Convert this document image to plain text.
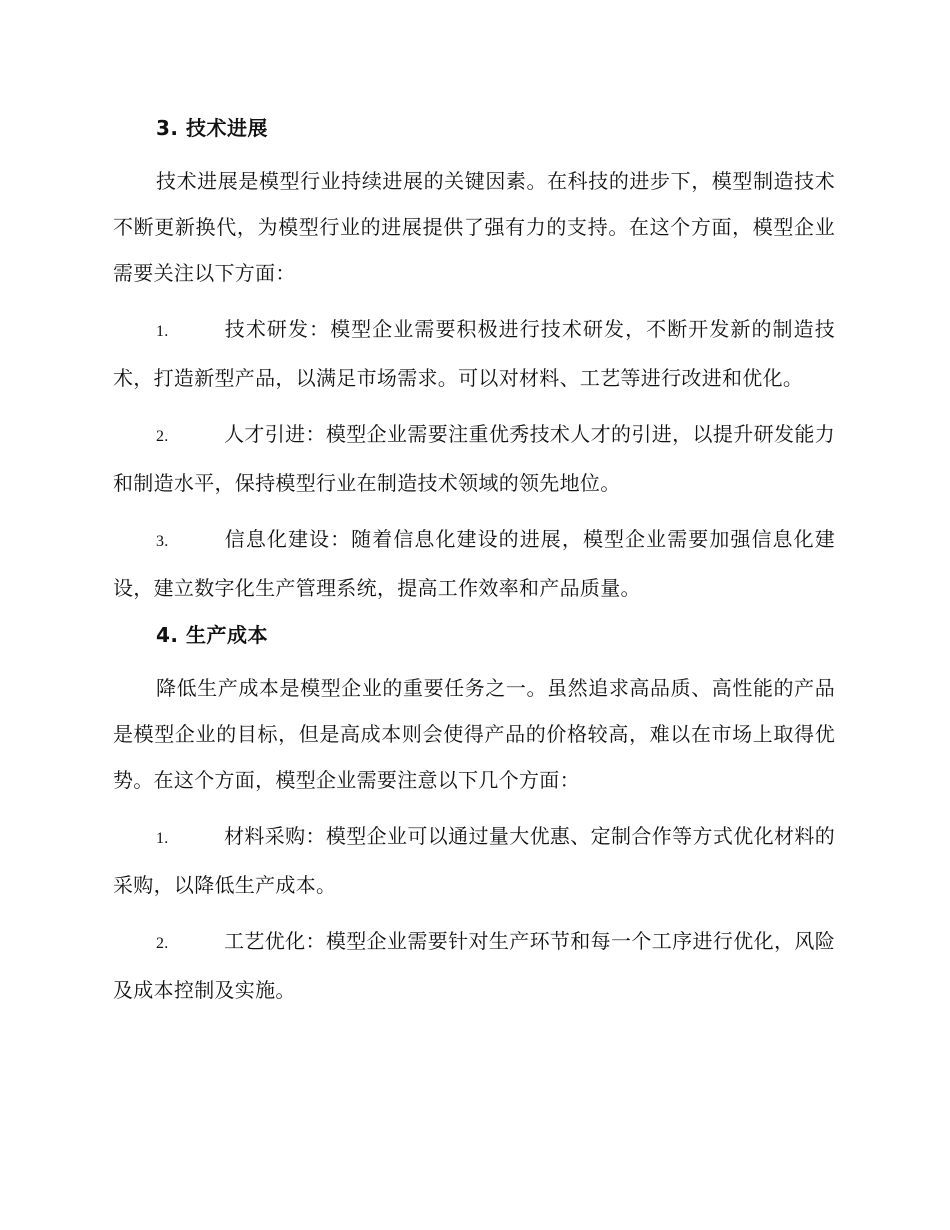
3. 技术进展

技术进展是模型行业持续进展的关键因素。在科技的进步下，模型制造技术不断更新换代，为模型行业的进展提供了强有力的支持。在这个方面，模型企业需要关注以下方面：

1.	技术研发：模型企业需要积极进行技术研发，不断开发新的制造技术，打造新型产品，以满足市场需求。可以对材料、工艺等进行改进和优化。

2.	人才引进：模型企业需要注重优秀技术人才的引进，以提升研发能力和制造水平，保持模型行业在制造技术领域的领先地位。

3.	信息化建设：随着信息化建设的进展，模型企业需要加强信息化建设，建立数字化生产管理系统，提高工作效率和产品质量。

4. 生产成本

降低生产成本是模型企业的重要任务之一。虽然追求高品质、高性能的产品是模型企业的目标，但是高成本则会使得产品的价格较高，难以在市场上取得优势。在这个方面，模型企业需要注意以下几个方面：

1.	材料采购：模型企业可以通过量大优惠、定制合作等方式优化材料的采购，以降低生产成本。

2.	工艺优化：模型企业需要针对生产环节和每一个工序进行优化，风险及成本控制及实施。
